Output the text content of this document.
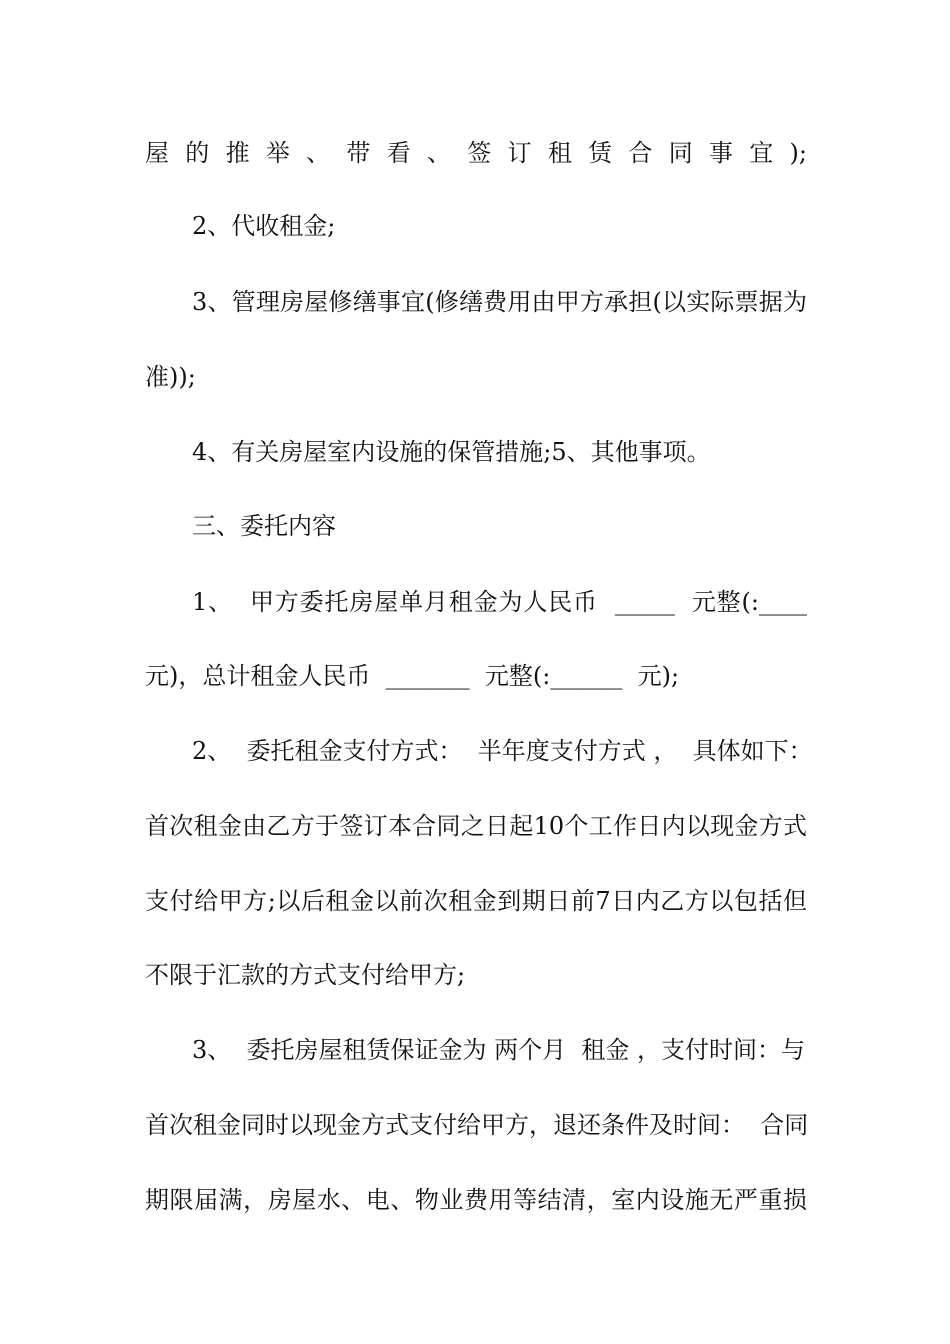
屋的推举、带看、签订租赁合同事宜);
2、代收租金;
3、管理房屋修缮事宜(修缮费用由甲方承担(以实际票据为
准));
4、有关房屋室内设施的保管措施;5、其他事项。
三、委托内容
1、  甲方委托房屋单月租金为人民币  _____  元整(:____
元)，总计租金人民币  _______  元整(:______  元);
2、  委托租金支付方式：  半年度支付方式 ，  具体如下：
首次租金由乙方于签订本合同之日起10个工作日内以现金方式
支付给甲方;以后租金以前次租金到期日前7日内乙方以包括但
不限于汇款的方式支付给甲方;
3、  委托房屋租赁保证金为 两个月  租金 ，支付时间：与
首次租金同时以现金方式支付给甲方，退还条件及时间：  合同
期限届满，房屋水、电、物业费用等结清，室内设施无严重损
